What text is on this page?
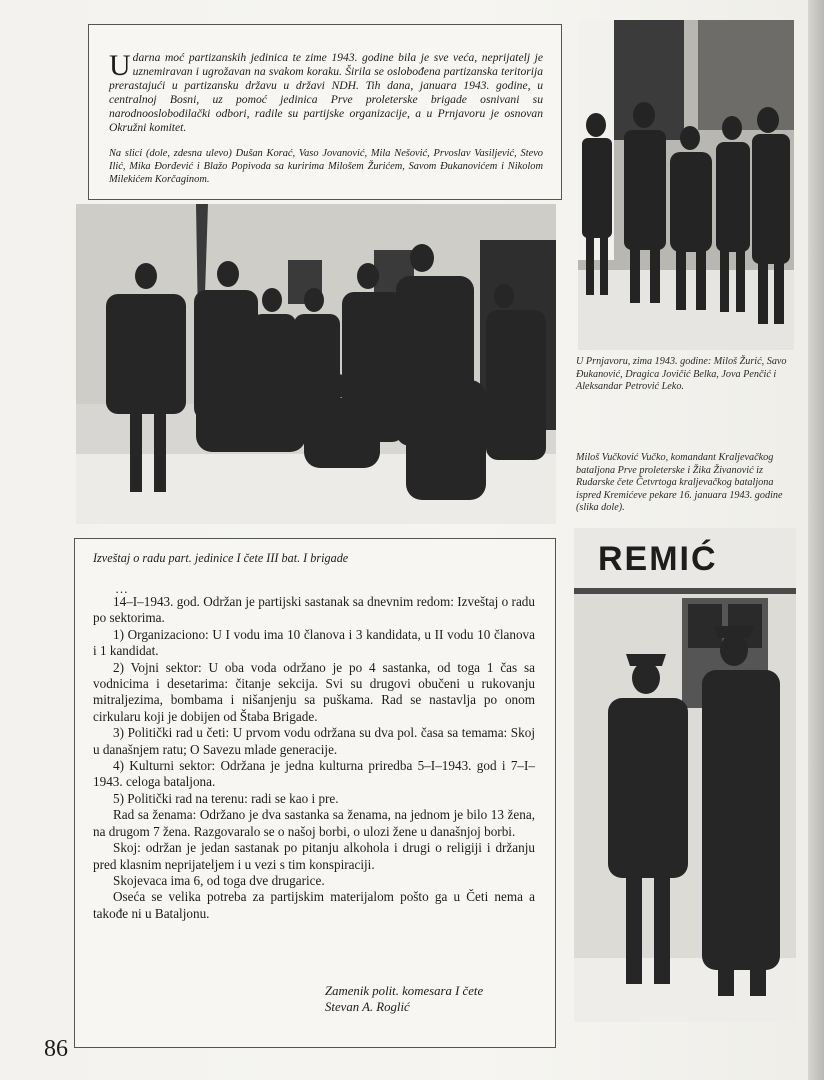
Udarna moć partizanskih jedinica te zime 1943. godine bila je sve veća, neprijatelj je uznemiravan i ugrožavan na svakom koraku. Širila se oslobođena partizanska teritorija prerastajući u partizansku državu u državi NDH. Tih dana, januara 1943. godine, u centralnoj Bosni, uz pomoć jedinica Prve proleterske brigade osnivani su narodnooslobodilački odbori, radile su partijske organizacije, a u Prnjavoru je osnovan Okružni komitet.

Na slici (dole, zdesna ulevo) Dušan Korać, Vaso Jovanović, Mila Nešović, Prvoslav Vasiljević, Stevo Ilić, Mika Đorđević i Blažo Popivoda sa kuririma Milošem Žurićem, Savom Đukanovićem i Nikolom Milekićem Korčaginom.

U Prnjavoru, zima 1943. godine: Miloš Žurić, Savo Đukanović, Dragica Jovičić Belka, Jova Penčić i Aleksandar Petrović Leko.
Miloš Vučković Vučko, komandant Kraljevačkog bataljona Prve proleterske i Žika Živanović iz Rudarske čete Četvrtoga kraljevačkog bataljona ispred Kremićeve pekare 16. januara 1943. godine (slika dole).
REMIĆ

Izveštaj o radu part. jedinice I čete III bat. I brigade

…

14–I–1943. god. Održan je partijski sastanak sa dnevnim redom: Izveštaj o radu po sektorima.

1) Organizaciono: U I vodu ima 10 članova i 3 kandidata, u II vodu 10 članova i 1 kandidat.

2) Vojni sektor: U oba voda održano je po 4 sastanka, od toga 1 čas sa vodnicima i desetarima: čitanje sekcija. Svi su drugovi obučeni u rukovanju mitraljezima, bombama i nišanjenju sa puškama. Rad se nastavlja po onom cirkularu koji je dobijen od Štaba Brigade.

3) Politički rad u četi: U prvom vodu održana su dva pol. časa sa temama: Skoj u današnjem ratu; O Savezu mlade generacije.

4) Kulturni sektor: Održana je jedna kulturna priredba 5–I–1943. god i 7–I–1943. celoga bataljona.

5) Politički rad na terenu: radi se kao i pre.

Rad sa ženama: Održano je dva sastanka sa ženama, na jednom je bilo 13 žena, na drugom 7 žena. Razgovaralo se o našoj borbi, o ulozi žene u današnjoj borbi.

Skoj: održan je jedan sastanak po pitanju alkohola i drugi o religiji i držanju pred klasnim neprijateljem i u vezi s tim konspiraciji.

Skojevaca ima 6, od toga dve drugarice.

Oseća se velika potreba za partijskim materijalom pošto ga u Četi nema a takođe ni u Bataljonu.

Zamenik polit. komesara I čete
Stevan A. Roglić
86
